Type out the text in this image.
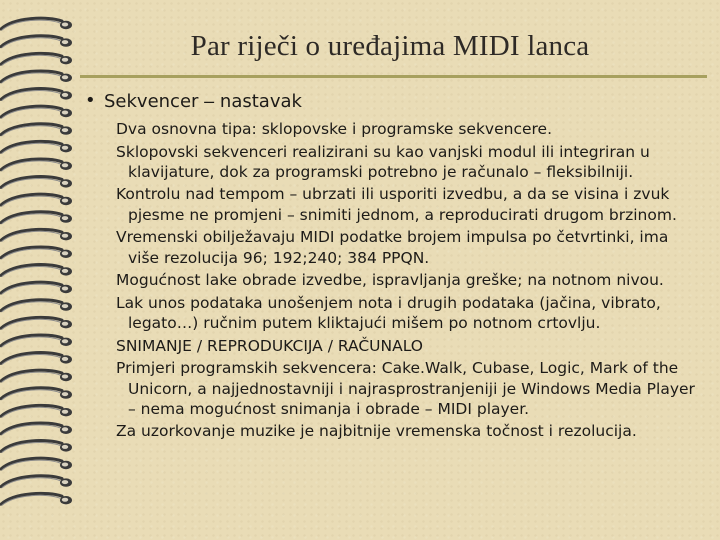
Par riječi o uređajima MIDI lanca
• Sekvencer – nastavak
Dva osnovna tipa: sklopovske i programske sekvencere.
Sklopovski sekvenceri realizirani su kao vanjski modul ili integriran u klavijature, dok za programski potrebno je računalo – fleksibilniji.
Kontrolu nad tempom – ubrzati ili usporiti izvedbu, a da se visina i zvuk pjesme ne promjeni – snimiti jednom, a reproducirati drugom brzinom.
Vremenski obilježavaju MIDI podatke brojem impulsa po četvrtinki, ima više rezolucija 96; 192;240; 384 PPQN.
Mogućnost lake obrade izvedbe, ispravljanja greške; na notnom nivou.
Lak unos podataka unošenjem nota i drugih podataka (jačina, vibrato, legato…) ručnim putem kliktajući mišem po notnom crtovlju.
SNIMANJE / REPRODUKCIJA / RAČUNALO
Primjeri programskih sekvencera: Cake.Walk, Cubase, Logic, Mark of the Unicorn, a najjednostavniji i najrasprostranjeniji je Windows Media Player – nema mogućnost snimanja i obrade – MIDI player.
Za uzorkovanje muzike je najbitnije vremenska točnost i rezolucija.
